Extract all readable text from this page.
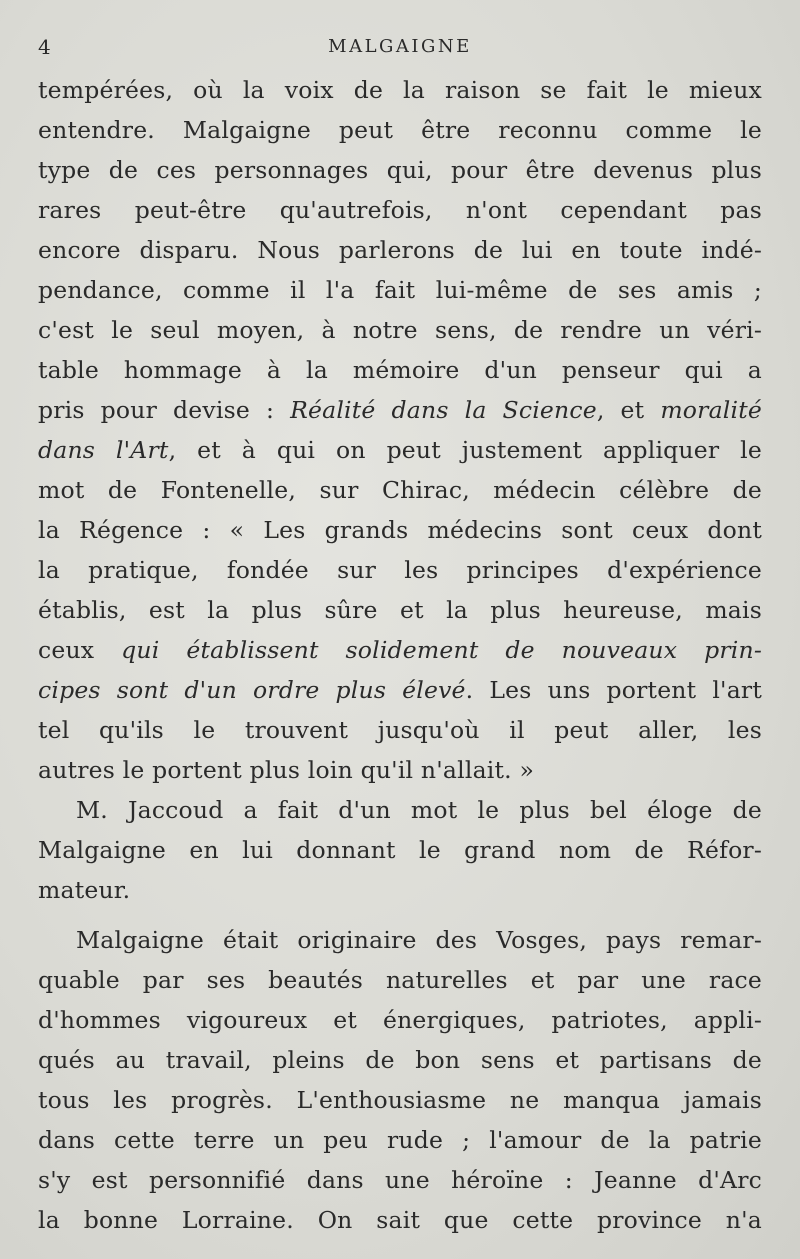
4	MALGAIGNE
tempérées, où la voix de la raison se fait le mieux
entendre. Malgaigne peut être reconnu comme le
type de ces personnages qui, pour être devenus plus
rares peut-être qu'autrefois, n'ont cependant pas
encore disparu. Nous parlerons de lui en toute indé-
pendance, comme il l'a fait lui-même de ses amis ;
c'est le seul moyen, à notre sens, de rendre un véri-
table hommage à la mémoire d'un penseur qui a
pris pour devise : Réalité dans la Science, et moralité
dans l'Art, et à qui on peut justement appliquer le
mot de Fontenelle, sur Chirac, médecin célèbre de
la Régence : « Les grands médecins sont ceux dont
la pratique, fondée sur les principes d'expérience
établis, est la plus sûre et la plus heureuse, mais
ceux qui établissent solidement de nouveaux prin-
cipes sont d'un ordre plus élevé. Les uns portent l'art
tel qu'ils le trouvent jusqu'où il peut aller, les
autres le portent plus loin qu'il n'allait. »
M. Jaccoud a fait d'un mot le plus bel éloge de
Malgaigne en lui donnant le grand nom de Réfor-
mateur.
Malgaigne était originaire des Vosges, pays remar-
quable par ses beautés naturelles et par une race
d'hommes vigoureux et énergiques, patriotes, appli-
qués au travail, pleins de bon sens et partisans de
tous les progrès. L'enthousiasme ne manqua jamais
dans cette terre un peu rude ; l'amour de la patrie
s'y est personnifié dans une héroïne : Jeanne d'Arc
la bonne Lorraine. On sait que cette province n'a
